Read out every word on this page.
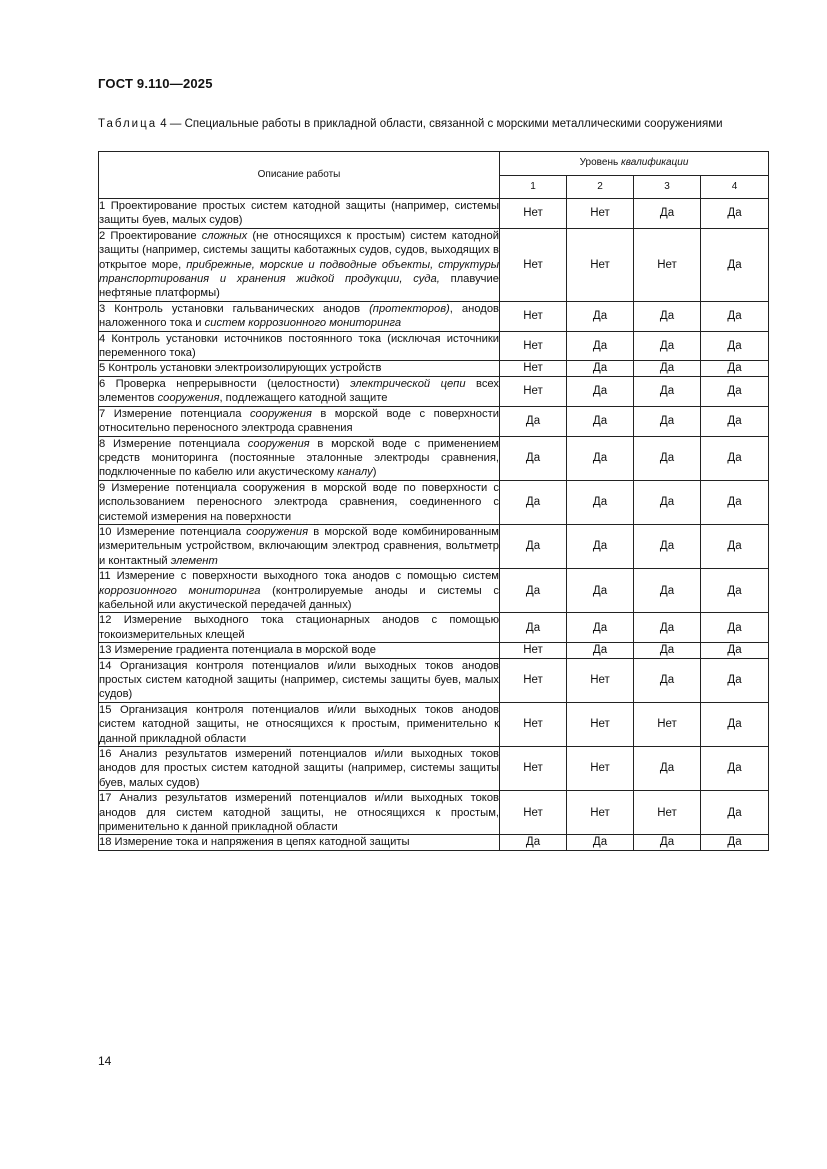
ГОСТ 9.110—2025
Таблица 4 — Специальные работы в прикладной области, связанной с морскими металлическими сооружениями
Описание работы	Уровень квалификации			
	1	2	3	4
1 Проектирование простых систем катодной защиты (например, системы защиты буев, малых судов)	Нет	Нет	Да	Да
2 Проектирование сложных (не относящихся к простым) систем катодной защиты (например, системы защиты каботажных судов, судов, выходящих в открытое море, прибрежные, морские и подводные объекты, структуры транспортирования и хранения жидкой продукции, суда, плавучие нефтяные платформы)	Нет	Нет	Нет	Да
3 Контроль установки гальванических анодов (протекторов), анодов наложенного тока и систем коррозионного мониторинга	Нет	Да	Да	Да
4 Контроль установки источников постоянного тока (исключая источники переменного тока)	Нет	Да	Да	Да
5 Контроль установки электроизолирующих устройств	Нет	Да	Да	Да
6 Проверка непрерывности (целостности) электрической цепи всех элементов сооружения, подлежащего катодной защите	Нет	Да	Да	Да
7 Измерение потенциала сооружения в морской воде с поверхности относительно переносного электрода сравнения	Да	Да	Да	Да
8 Измерение потенциала сооружения в морской воде с применением средств мониторинга (постоянные эталонные электроды сравнения, подключенные по кабелю или акустическому каналу)	Да	Да	Да	Да
9 Измерение потенциала сооружения в морской воде по поверхности с использованием переносного электрода сравнения, соединенного с системой измерения на поверхности	Да	Да	Да	Да
10 Измерение потенциала сооружения в морской воде комбинированным измерительным устройством, включающим электрод сравнения, вольтметр и контактный элемент	Да	Да	Да	Да
11 Измерение с поверхности выходного тока анодов с помощью систем коррозионного мониторинга (контролируемые аноды и системы с кабельной или акустической передачей данных)	Да	Да	Да	Да
12 Измерение выходного тока стационарных анодов с помощью токоизмерительных клещей	Да	Да	Да	Да
13 Измерение градиента потенциала в морской воде	Нет	Да	Да	Да
14 Организация контроля потенциалов и/или выходных токов анодов простых систем катодной защиты (например, системы защиты буев, малых судов)	Нет	Нет	Да	Да
15 Организация контроля потенциалов и/или выходных токов анодов систем катодной защиты, не относящихся к простым, применительно к данной прикладной области	Нет	Нет	Нет	Да
16 Анализ результатов измерений потенциалов и/или выходных токов анодов для простых систем катодной защиты (например, системы защиты буев, малых судов)	Нет	Нет	Да	Да
17 Анализ результатов измерений потенциалов и/или выходных токов анодов для систем катодной защиты, не относящихся к простым, применительно к данной прикладной области	Нет	Нет	Нет	Да
18 Измерение тока и напряжения в цепях катодной защиты	Да	Да	Да	Да
14
